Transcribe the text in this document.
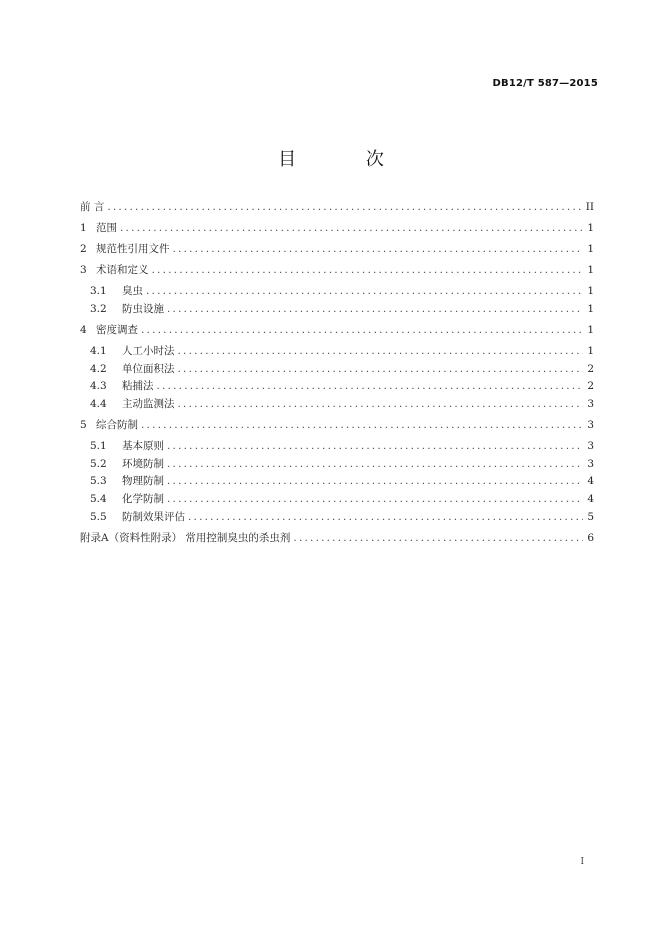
DB12/T 587—2015
目 次
前 言 .....	II
1 范围 .....	1
2 规范性引用文件 .....	1
3 术语和定义 .....	1
3.1	臭虫 .....	1
3.2	防虫设施 .....	1
4 密度调查 .....	1
4.1	人工小时法 .....	1
4.2	单位面积法 .....	2
4.3	粘捕法 .....	2
4.4	主动监测法 .....	3
5 综合防制 .....	3
5.1	基本原则 .....	3
5.2	环境防制 .....	3
5.3	物理防制 .....	4
5.4	化学防制 .....	4
5.5	防制效果评估 .....	5
附录A（资料性附录） 常用控制臭虫的杀虫剂 .....	6
I
